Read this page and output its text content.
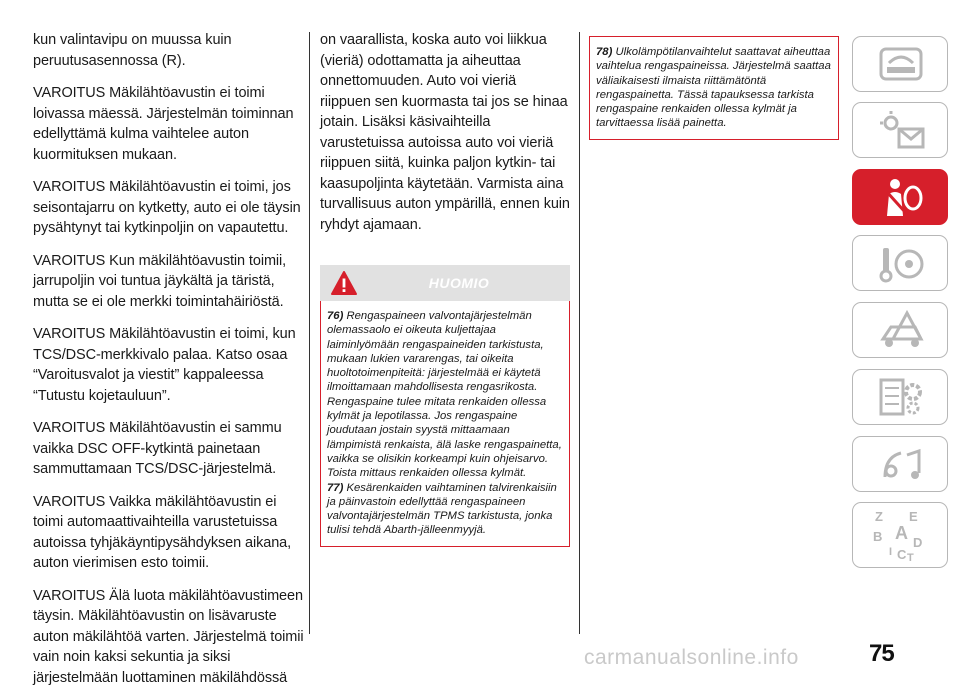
kun valintavipu on muussa kuin peruutusasennossa (R).

VAROITUS Mäkilähtöavustin ei toimi loivassa mäessä. Järjestelmän toiminnan edellyttämä kulma vaihtelee auton kuormituksen mukaan.

VAROITUS Mäkilähtöavustin ei toimi, jos seisontajarru on kytketty, auto ei ole täysin pysähtynyt tai kytkinpoljin on vapautettu.

VAROITUS Kun mäkilähtöavustin toimii, jarrupoljin voi tuntua jäykältä ja täristä, mutta se ei ole merkki toimintahäiriöstä.

VAROITUS Mäkilähtöavustin ei toimi, kun TCS/DSC-merkkivalo palaa. Katso osaa “Varoitusvalot ja viestit” kappaleessa “Tutustu kojetauluun”.

VAROITUS Mäkilähtöavustin ei sammu vaikka DSC OFF-kytkintä painetaan sammuttamaan TCS/DSC-järjestelmä.

VAROITUS Vaikka mäkilähtöavustin ei toimi automaattivaihteilla varustetuissa autoissa tyhjäkäyntipysähdyksen aikana, auton vierimisen esto toimii.

VAROITUS Älä luota mäkilähtöavustimeen täysin. Mäkilähtöavustin on lisävaruste auton mäkilähtöä varten. Järjestelmä toimii vain noin kaksi sekuntia ja siksi järjestelmään luottaminen mäkilähdössä

on vaarallista, koska auto voi liikkua (vieriä) odottamatta ja aiheuttaa onnettomuuden. Auto voi vieriä riippuen sen kuormasta tai jos se hinaa jotain. Lisäksi käsivaihteilla varustetuissa autoissa auto voi vieriä riippuen siitä, kuinka paljon kytkin- tai kaasupoljinta käytetään. Varmista aina turvallisuus auton ympärillä, ennen kuin ryhdyt ajamaan.

HUOMIO
76) Rengaspaineen valvontajärjestelmän olemassaolo ei oikeuta kuljettajaa laiminlyömään rengaspaineiden tarkistusta, mukaan lukien vararengas, tai oikeita huoltotoimenpiteitä: järjestelmää ei käytetä ilmoittamaan mahdollisesta rengasrikosta. Rengaspaine tulee mitata renkaiden ollessa kylmät ja lepotilassa. Jos rengaspaine joudutaan jostain syystä mittaamaan lämpimistä renkaista, älä laske rengaspainetta, vaikka se olisikin korkeampi kuin ohjeisarvo. Toista mittaus renkaiden ollessa kylmät.
77) Kesärenkaiden vaihtaminen talvirenkaisiin ja päinvastoin edellyttää rengaspaineen valvontajärjestelmän TPMS tarkistusta, jonka tulisi tehdä Abarth-jälleenmyyjä.
78) Ulkolämpötilanvaihtelut saattavat aiheuttaa vaihtelua rengaspaineissa. Järjestelmä saattaa väliaikaisesti ilmaista riittämätöntä rengaspainetta. Tässä tapauksessa tarkista rengaspaine renkaiden ollessa kylmät ja tarvittaessa lisää painetta.
Z E
B A D
C T
I
75
carmanualsonline.info
